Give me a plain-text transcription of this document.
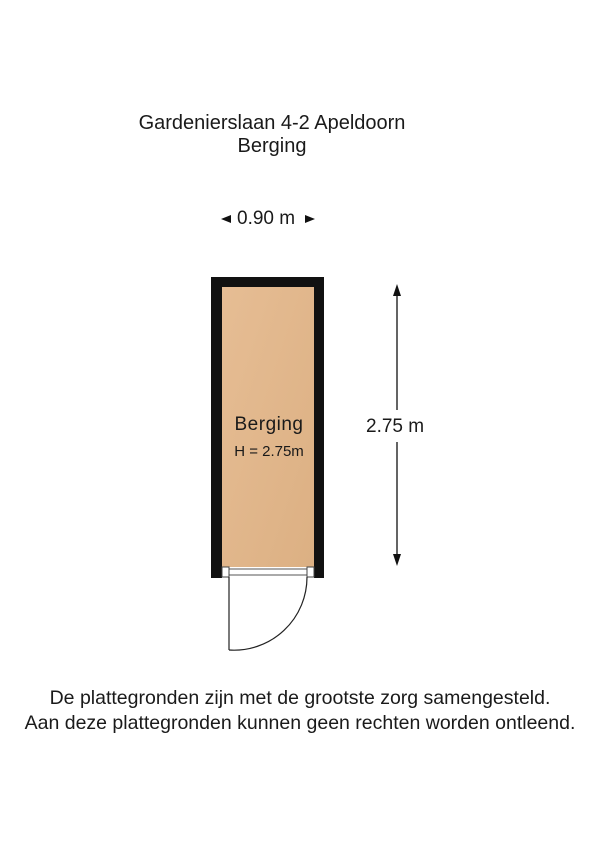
Gardenierslaan 4-2 Apeldoorn
Berging
0.90 m
2.75 m
Berging
H = 2.75m
De plattegronden zijn met de grootste zorg samengesteld.
Aan deze plattegronden kunnen geen rechten worden ontleend.
